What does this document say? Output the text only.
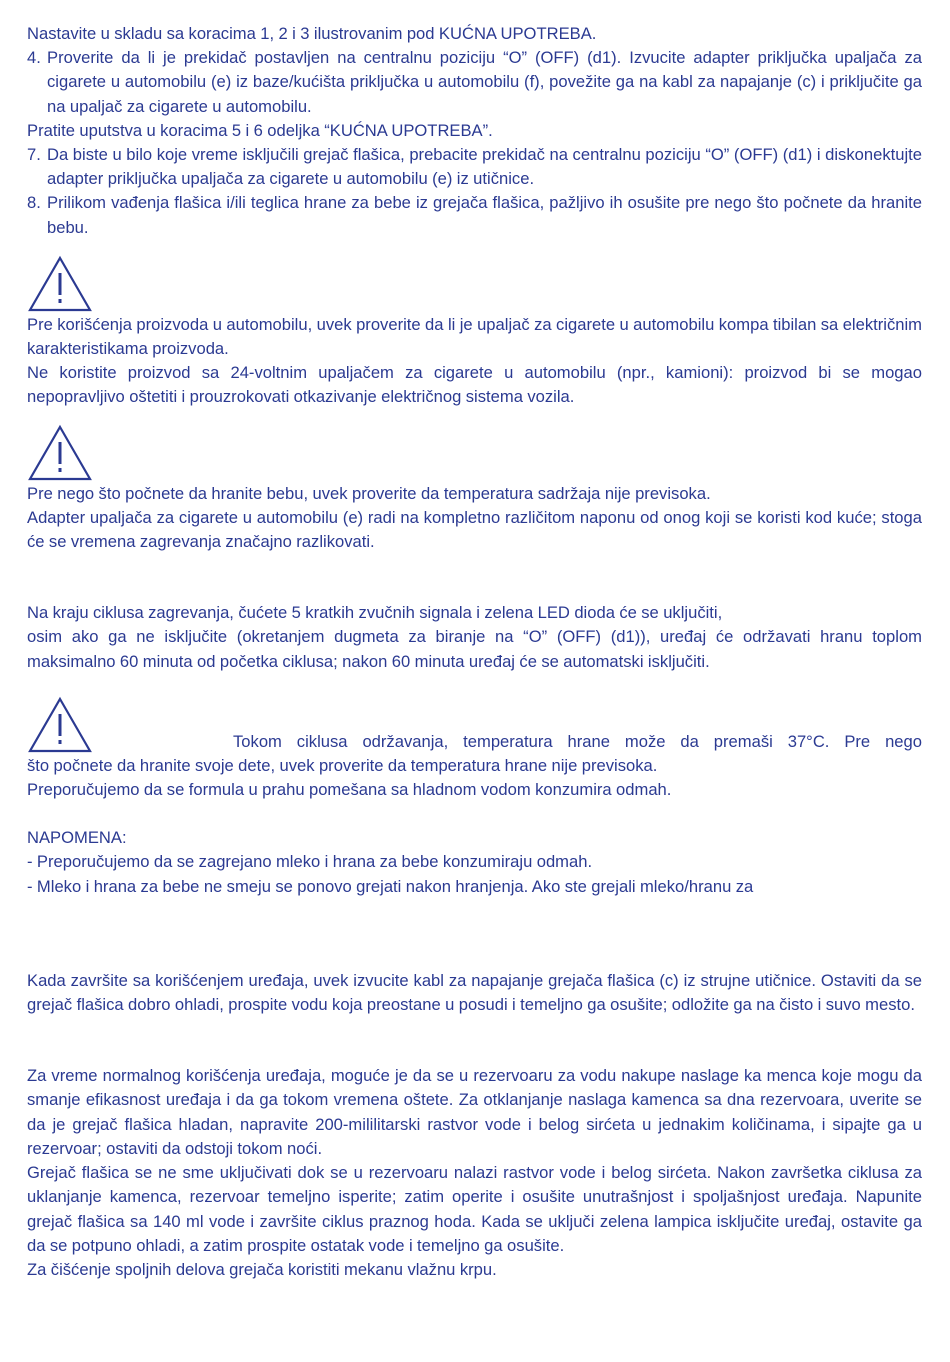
Nastavite u skladu sa koracima 1, 2 i 3 ilustrovanim pod KUĆNA UPOTREBA.

4. Proverite da li je prekidač postavljen na centralnu poziciju “O” (OFF) (d1). Izvucite adapter priključka upaljača za cigarete u automobilu (e) iz baze/kućišta priključka u automobilu (f), povežite ga na kabl za napajanje (c) i priključite ga na upaljač za cigarete u automobilu.

Pratite uputstva u koracima 5 i 6 odeljka “KUĆNA UPOTREBA”.

7. Da biste u bilo koje vreme isključili grejač flašica, prebacite prekidač na centralnu poziciju “O” (OFF) (d1) i diskonektujte adapter priključka upaljača za cigarete u automobilu (e) iz utičnice.
8. Prilikom vađenja flašica i/ili teglica hrane za bebe iz grejača flašica, pažljivo ih osušite pre nego što počnete da hranite bebu.

Pre korišćenja proizvoda u automobilu, uvek proverite da li je upaljač za cigarete u automobilu kompa tibilan sa električnim karakteristikama proizvoda.

Ne koristite proizvod sa 24-voltnim upaljačem za cigarete u automobilu (npr., kamioni): proizvod bi se mogao nepopravljivo oštetiti i prouzrokovati otkazivanje električnog sistema vozila.

Pre nego što počnete da hranite bebu, uvek proverite da temperatura sadržaja nije previsoka.

Adapter upaljača za cigarete u automobilu (e) radi na kompletno različitom naponu od onog koji se koristi kod kuće; stoga će se vremena zagrevanja značajno razlikovati.

Na kraju ciklusa zagrevanja, čućete 5 kratkih zvučnih signala i zelena LED dioda će se uključiti,

osim ako ga ne isključite (okretanjem dugmeta za biranje na “O” (OFF) (d1)), uređaj će održavati hranu toplom maksimalno 60 minuta od početka ciklusa; nakon 60 minuta uređaj će se automatski isključiti.

Tokom ciklusa održavanja, temperatura hrane može da premaši 37°C. Pre nego

što počnete da hranite svoje dete, uvek proverite da temperatura hrane nije previsoka.

Preporučujemo da se formula u prahu pomešana sa hladnom vodom konzumira odmah.

NAPOMENA:

- Preporučujemo da se zagrejano mleko i hrana za bebe konzumiraju odmah.

- Mleko i hrana za bebe ne smeju se ponovo grejati nakon hranjenja. Ako ste grejali mleko/hranu za

Kada završite sa korišćenjem uređaja, uvek izvucite kabl za napajanje grejača flašica (c) iz strujne utičnice. Ostaviti da se grejač flašica dobro ohladi, prospite vodu koja preostane u posudi i temeljno ga osušite; odložite ga na čisto i suvo mesto.

Za vreme normalnog korišćenja uređaja, moguće je da se u rezervoaru za vodu nakupe naslage ka menca koje mogu da smanje efikasnost uređaja i da ga tokom vremena oštete. Za otklanjanje naslaga kamenca sa dna rezervoara, uverite se da je grejač flašica hladan, napravite 200-mililitarski rastvor vode i belog sirćeta u jednakim količinama, i sipajte ga u rezervoar; ostaviti da odstoji tokom noći.

Grejač flašica se ne sme uključivati dok se u rezervoaru nalazi rastvor vode i belog sirćeta. Nakon završetka ciklusa za uklanjanje kamenca, rezervoar temeljno isperite; zatim operite i osušite unutrašnjost i spoljašnjost uređaja. Napunite grejač flašica sa 140 ml vode i završite ciklus praznog hoda. Kada se uključi zelena lampica isključite uređaj, ostavite ga da se potpuno ohladi, a zatim prospite ostatak vode i temeljno ga osušite.

Za čišćenje spoljnih delova grejača koristiti mekanu vlažnu krpu.
